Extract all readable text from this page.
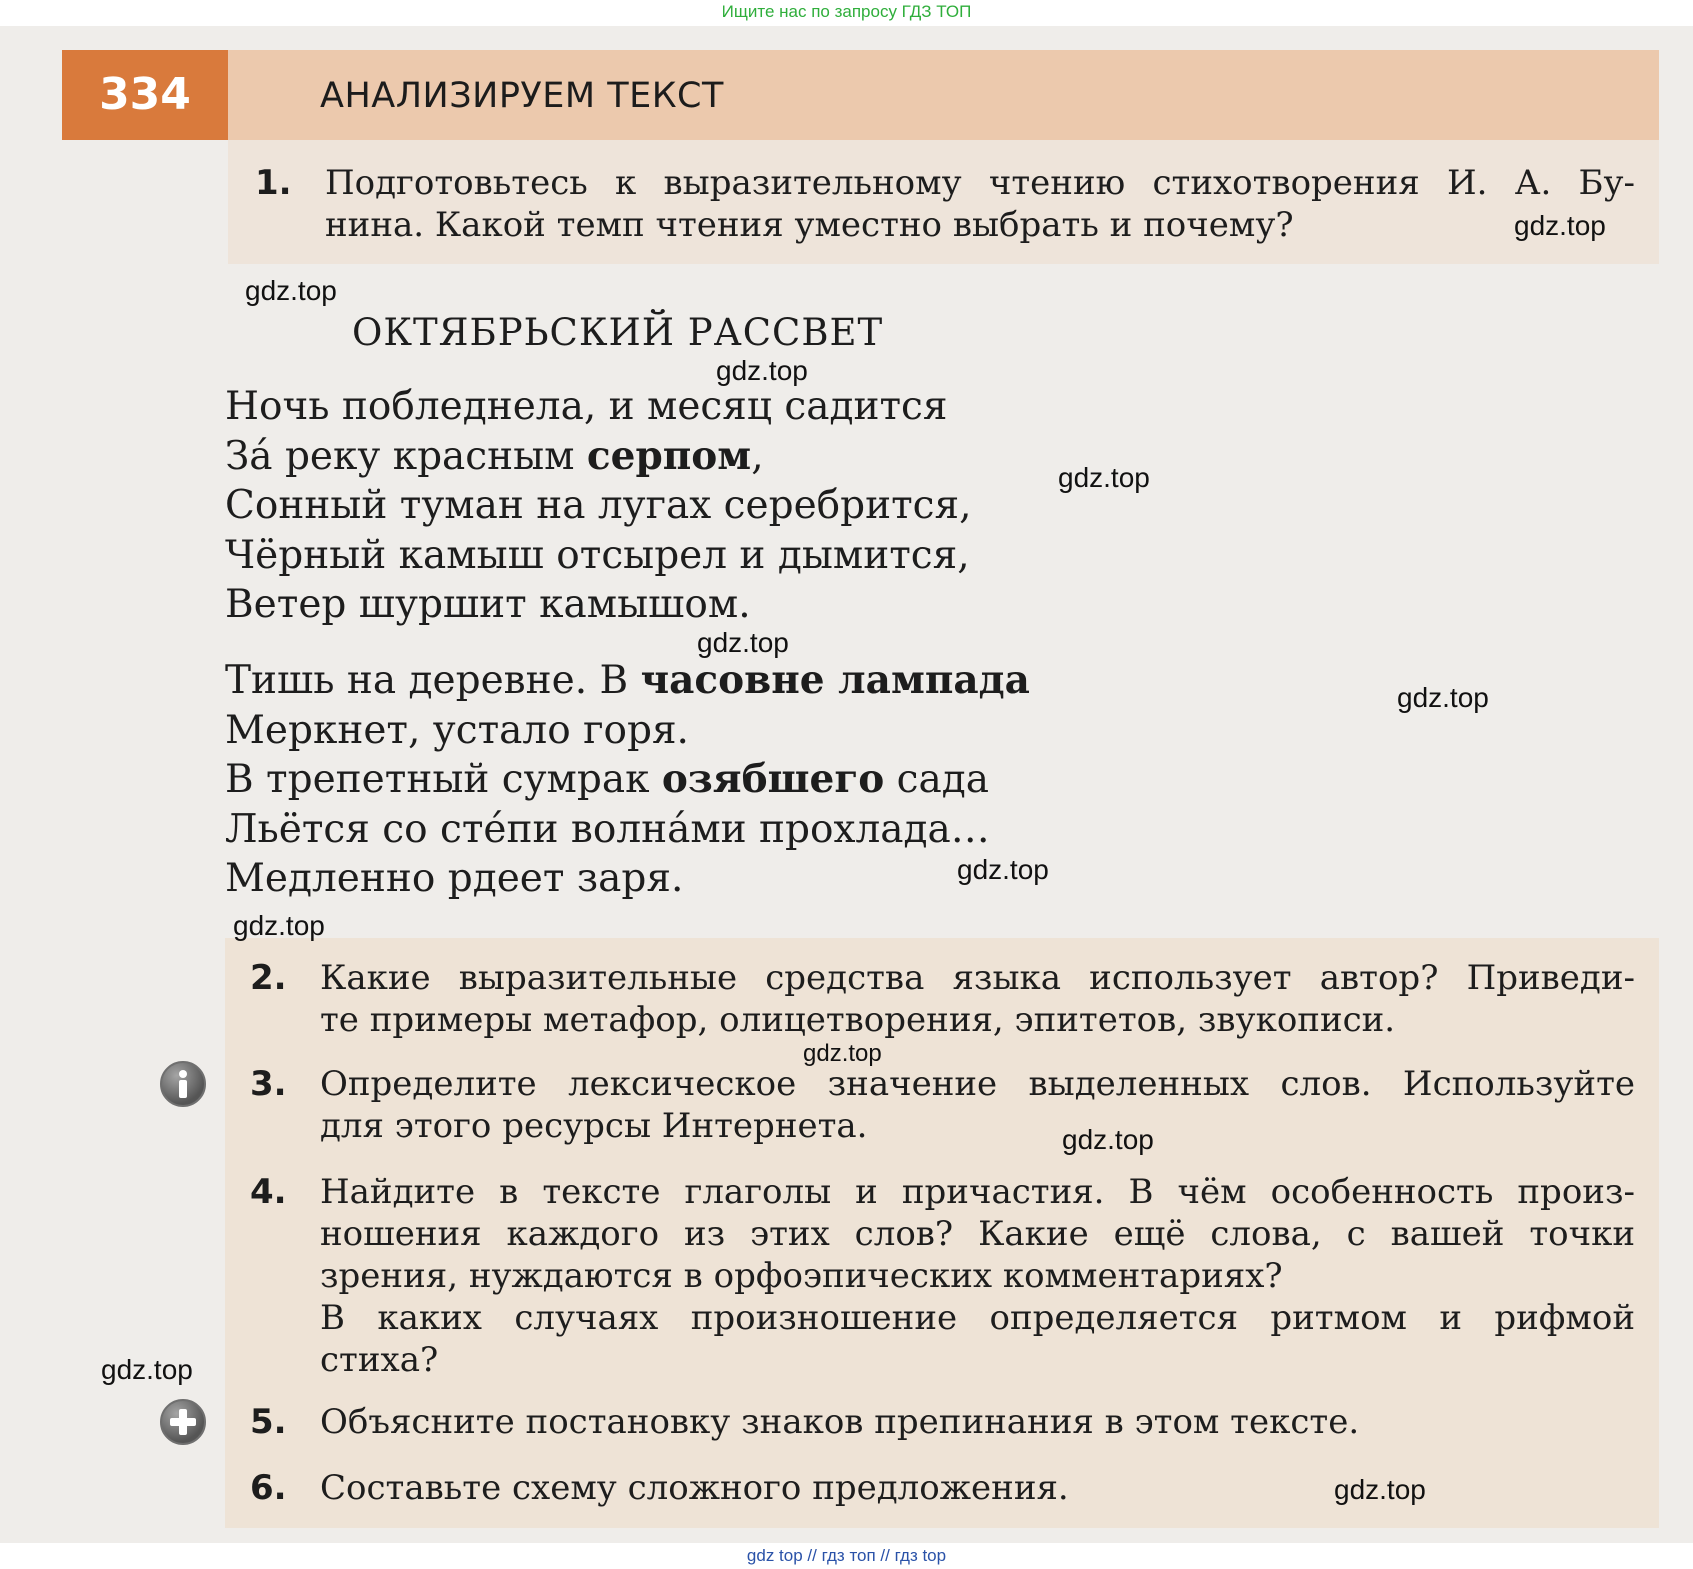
Ищите нас по запросу ГДЗ ТОП
334	АНАЛИЗИРУЕМ ТЕКСТ
1. Подготовьтесь к выразительному чтению стихотворения И. А. Бу-
нина. Какой темп чтения уместно выбрать и почему?
ОКТЯБРЬСКИЙ РАССВЕТ
Ночь побледнела, и месяц садится
За́ реку красным серпом,
Сонный туман на лугах серебрится,
Чёрный камыш отсырел и дымится,
Ветер шуршит камышом.
Тишь на деревне. В часовне лампада
Меркнет, устало горя.
В трепетный сумрак озябшего сада
Льётся со сте́пи волна́ми прохлада…
Медленно рдеет заря.
2. Какие выразительные средства языка использует автор? Приведи-
те примеры метафор, олицетворения, эпитетов, звукописи.
3. Определите лексическое значение выделенных слов. Используйте
для этого ресурсы Интернета.
4. Найдите в тексте глаголы и причастия. В чём особенность произ-
ношения каждого из этих слов? Какие ещё слова, с вашей точки
зрения, нуждаются в орфоэпических комментариях?
В каких случаях произношение определяется ритмом и рифмой
стиха?
5. Объясните постановку знаков препинания в этом тексте.
6. Составьте схему сложного предложения.
gdz.top
gdz.top
gdz.top
gdz.top
gdz.top
gdz.top
gdz.top
gdz.top
gdz.top
gdz.top
gdz.top
gdz.top
gdz top // гдз топ // гдз top
